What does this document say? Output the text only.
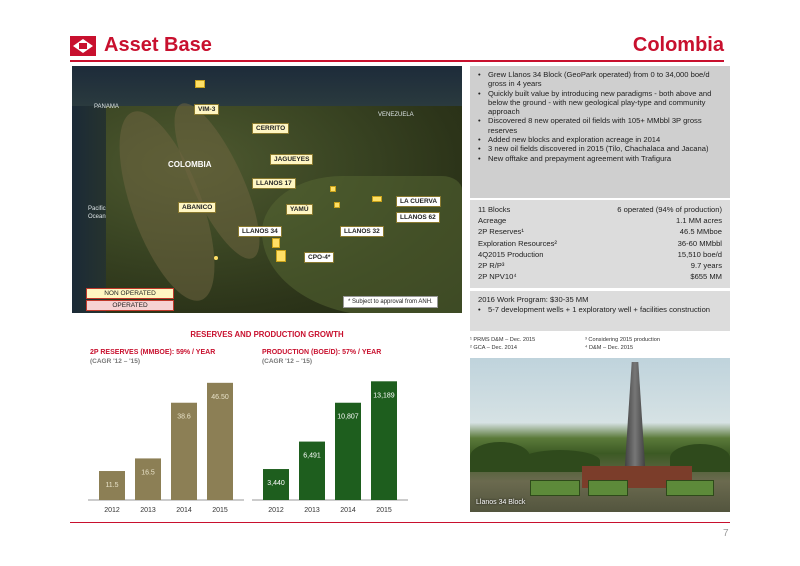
Asset Base	Colombia
PANAMA
VENEZUELA
COLOMBIA
Pacific
Ocean
VIM-3
CERRITO
JAGUEYES
LLANOS 17
YAMÚ
LA CUERVA
LLANOS 62
ABANICO
LLANOS 34	LLANOS 32
CPO-4*
NON OPERATED
OPERATED	* Subject to approval from ANH.
• Grew Llanos 34 Block (GeoPark operated) from 0 to 34,000 boe/d gross in 4 years
• Quickly built value by introducing new paradigms - both above and below the ground - with new geological play-type and community approach
• Discovered 8 new operated oil fields with 105+ MMbbl 3P gross reserves
• Added new blocks and exploration acreage in 2014
• 3 new oil fields discovered in 2015 (Tilo, Chachalaca and Jacana)
• New offtake and prepayment agreement with Trafigura
11 Blocks	6 operated (94% of production)
Acreage	1.1 MM acres
2P Reserves¹	46.5 MMboe
Exploration Resources²	36-60 MMbbl
4Q2015 Production	15,510 boe/d
2P R/P³	9.7 years
2P NPV10⁴	$655 MM
2016 Work Program: $30-35 MM
• 5-7 development wells + 1 exploratory well + facilities construction
¹ PRMS D&M – Dec. 2015
² GCA – Dec. 2014
³ Considering 2015 production
⁴ D&M – Dec. 2015
Llanos 34 Block
RESERVES AND PRODUCTION GROWTH
2P RESERVES (MMBOE): 59% / YEAR
(CAGR '12 – '15)
PRODUCTION (BOE/D): 57% / YEAR
(CAGR '12 – '15)
11.5
2012
16.5
2013
38.6
2014
46.50
2015
3,440
2012
6,491
2013
10,807
2014
13,189
2015
7
